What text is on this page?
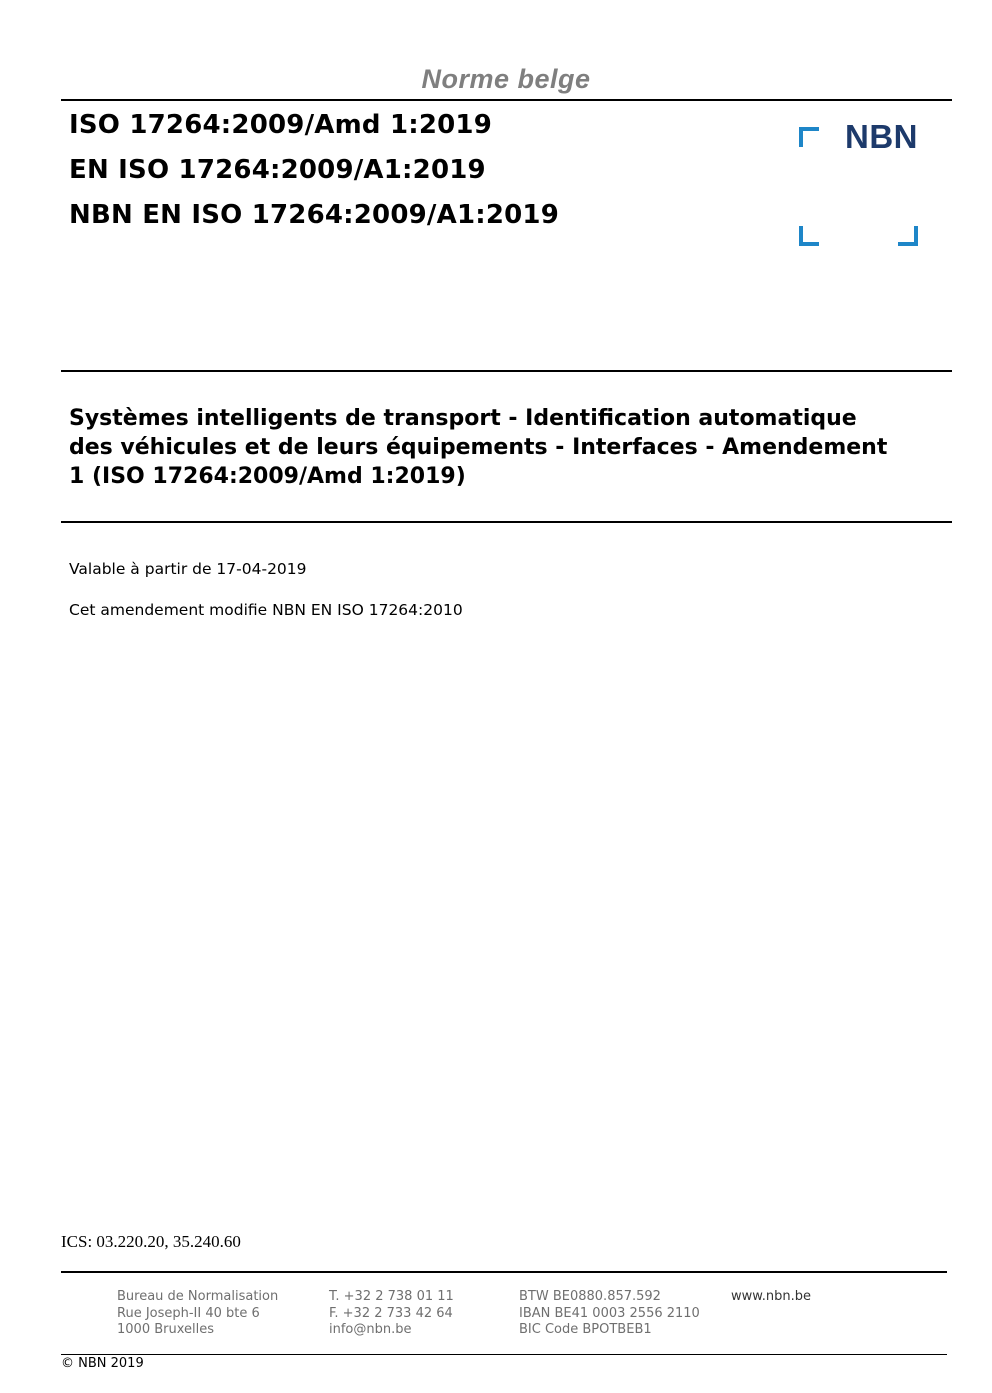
Norme belge
ISO 17264:2009/Amd 1:2019
EN ISO 17264:2009/A1:2019
NBN EN ISO 17264:2009/A1:2019
NBN
Systèmes intelligents de transport - Identification automatique
des véhicules et de leurs équipements - Interfaces - Amendement
1 (ISO 17264:2009/Amd 1:2019)
Valable à partir de 17-04-2019
Cet amendement modifie NBN EN ISO 17264:2010
ICS: 03.220.20, 35.240.60
Bureau de Normalisation
Rue Joseph-II 40 bte 6
1000 Bruxelles
T. +32 2 738 01 11
F. +32 2 733 42 64
info@nbn.be
BTW BE0880.857.592
IBAN BE41 0003 2556 2110
BIC Code BPOTBEB1
www.nbn.be
© NBN 2019
